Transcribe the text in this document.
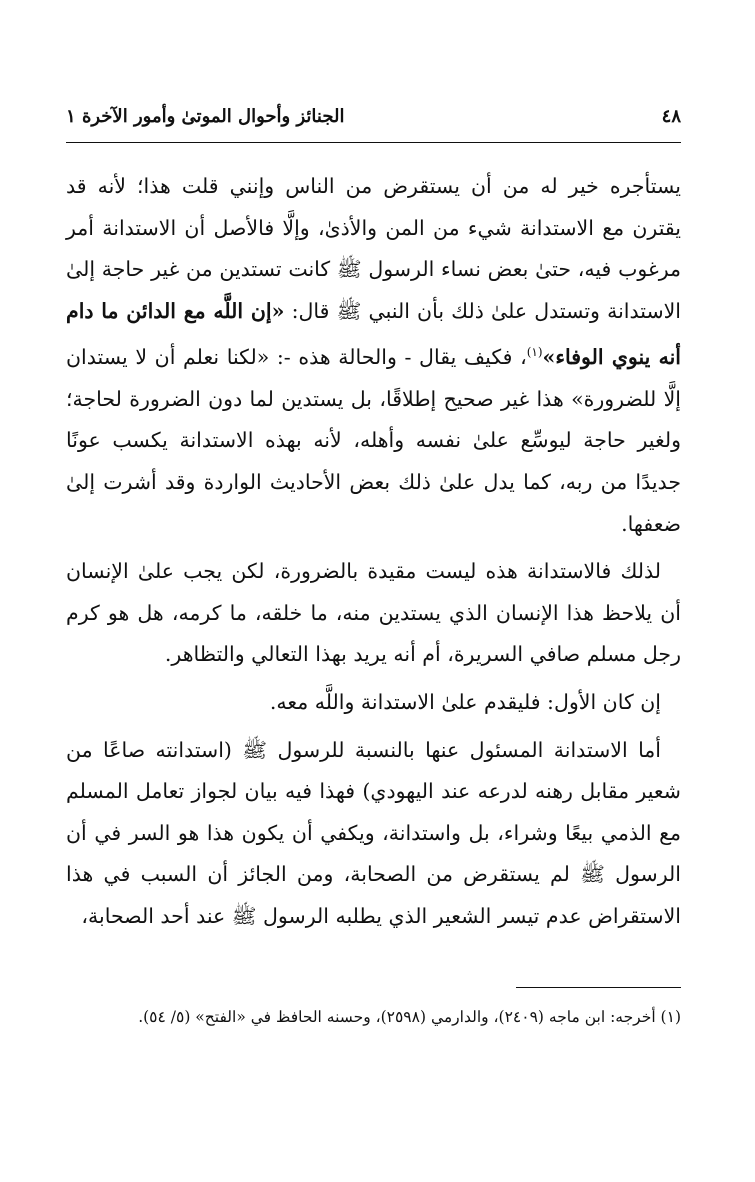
٤٨
الجنائز وأحوال الموتىٰ وأمور الآخرة ١

يستأجره خير له من أن يستقرض من الناس وإنني قلت هذا؛ لأنه قد يقترن مع الاستدانة شيء من المن والأذىٰ، وإلَّا فالأصل أن الاستدانة أمر مرغوب فيه، حتىٰ بعض نساء الرسول ﷺ كانت تستدين من غير حاجة إلىٰ الاستدانة وتستدل علىٰ ذلك بأن النبي ﷺ قال: «إن اللَّه مع الدائن ما دام أنه ينوي الوفاء»$^{(١)}$، فكيف يقال - والحالة هذه -: «لكنا نعلم أن لا يستدان إلَّا للضرورة» هذا غير صحيح إطلاقًا، بل يستدين لما دون الضرورة لحاجة؛ ولغير حاجة ليوسِّع علىٰ نفسه وأهله، لأنه بهذه الاستدانة يكسب عونًا جديدًا من ربه، كما يدل علىٰ ذلك بعض الأحاديث الواردة وقد أشرت إلىٰ ضعفها.

لذلك فالاستدانة هذه ليست مقيدة بالضرورة، لكن يجب علىٰ الإنسان أن يلاحظ هذا الإنسان الذي يستدين منه، ما خلقه، ما كرمه، هل هو كرم رجل مسلم صافي السريرة، أم أنه يريد بهذا التعالي والتظاهر.

إن كان الأول: فليقدم علىٰ الاستدانة واللَّه معه.

أما الاستدانة المسئول عنها بالنسبة للرسول ﷺ (استدانته صاعًا من شعير مقابل رهنه لدرعه عند اليهودي) فهذا فيه بيان لجواز تعامل المسلم مع الذمي بيعًا وشراء، بل واستدانة، ويكفي أن يكون هذا هو السر في أن الرسول ﷺ لم يستقرض من الصحابة، ومن الجائز أن السبب في هذا الاستقراض عدم تيسر الشعير الذي يطلبه الرسول ﷺ عند أحد الصحابة،

(١) أخرجه: ابن ماجه (٢٤٠٩)، والدارمي (٢٥٩٨)، وحسنه الحافظ في «الفتح» (٥/ ٥٤).
